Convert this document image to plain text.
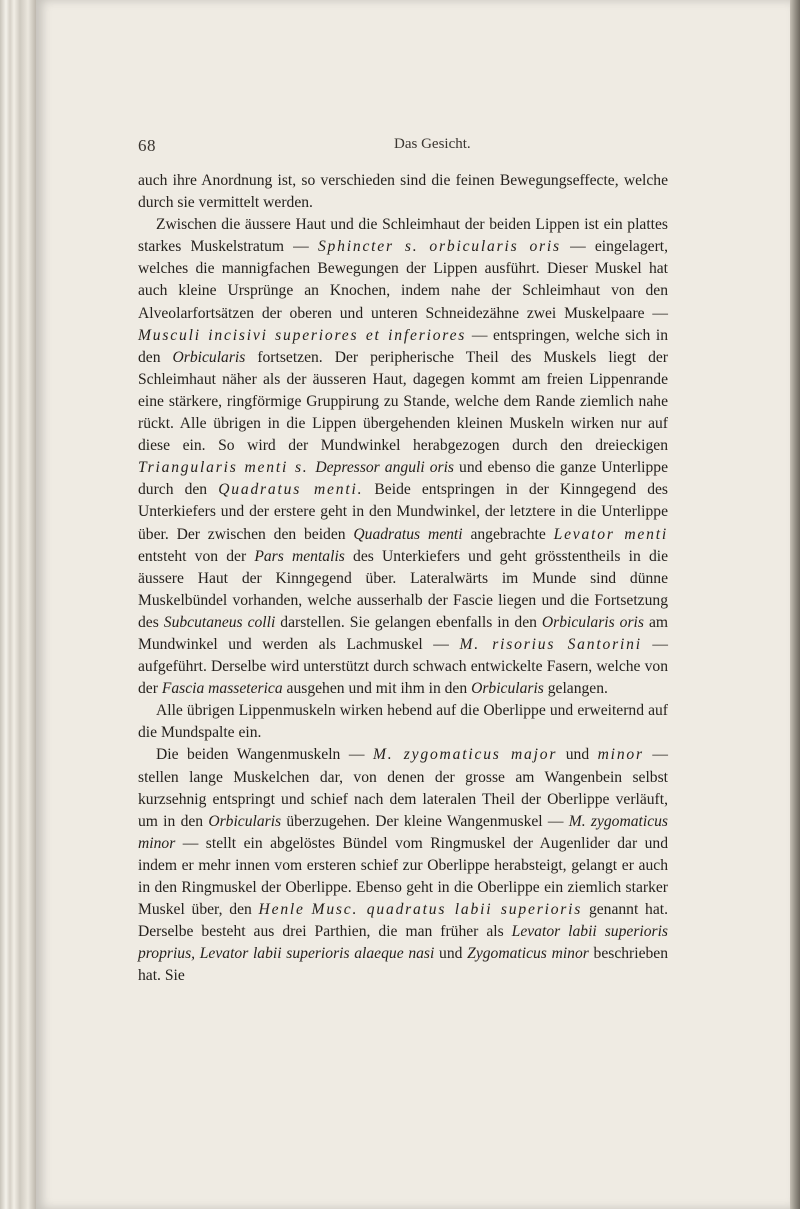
68	Das Gesicht.

auch ihre Anordnung ist, so verschieden sind die feinen Bewegungseffecte, welche durch sie vermittelt werden.

Zwischen die äussere Haut und die Schleimhaut der beiden Lippen ist ein plattes starkes Muskelstratum — Sphincter s. orbicularis oris — eingelagert, welches die mannigfachen Bewegungen der Lippen ausführt. Dieser Muskel hat auch kleine Ursprünge an Knochen, indem nahe der Schleimhaut von den Alveolarfortsätzen der oberen und unteren Schneidezähne zwei Muskelpaare — Musculi incisivi superiores et inferiores — entspringen, welche sich in den Orbicularis fortsetzen. Der peripherische Theil des Muskels liegt der Schleimhaut näher als der äusseren Haut, dagegen kommt am freien Lippenrande eine stärkere, ringförmige Gruppirung zu Stande, welche dem Rande ziemlich nahe rückt. Alle übrigen in die Lippen übergehenden kleinen Muskeln wirken nur auf diese ein. So wird der Mundwinkel herabgezogen durch den dreieckigen Triangularis menti s. Depressor anguli oris und ebenso die ganze Unterlippe durch den Quadratus menti. Beide entspringen in der Kinngegend des Unterkiefers und der erstere geht in den Mundwinkel, der letztere in die Unterlippe über. Der zwischen den beiden Quadratus menti angebrachte Levator menti entsteht von der Pars mentalis des Unterkiefers und geht grösstentheils in die äussere Haut der Kinngegend über. Lateralwärts im Munde sind dünne Muskelbündel vorhanden, welche ausserhalb der Fascie liegen und die Fortsetzung des Subcutaneus colli darstellen. Sie gelangen ebenfalls in den Orbicularis oris am Mundwinkel und werden als Lachmuskel — M. risorius Santorini — aufgeführt. Derselbe wird unterstützt durch schwach entwickelte Fasern, welche von der Fascia masseterica ausgehen und mit ihm in den Orbicularis gelangen.

Alle übrigen Lippenmuskeln wirken hebend auf die Oberlippe und erweiternd auf die Mundspalte ein.

Die beiden Wangenmuskeln — M. zygomaticus major und minor — stellen lange Muskelchen dar, von denen der grosse am Wangenbein selbst kurzsehnig entspringt und schief nach dem lateralen Theil der Oberlippe verläuft, um in den Orbicularis überzugehen. Der kleine Wangenmuskel — M. zygomaticus minor — stellt ein abgelöstes Bündel vom Ringmuskel der Augenlider dar und indem er mehr innen vom ersteren schief zur Oberlippe herabsteigt, gelangt er auch in den Ringmuskel der Oberlippe. Ebenso geht in die Oberlippe ein ziemlich starker Muskel über, den Henle Musc. quadratus labii superioris genannt hat. Derselbe besteht aus drei Parthien, die man früher als Levator labii superioris proprius, Levator labii superioris alaeque nasi und Zygomaticus minor beschrieben hat. Sie
